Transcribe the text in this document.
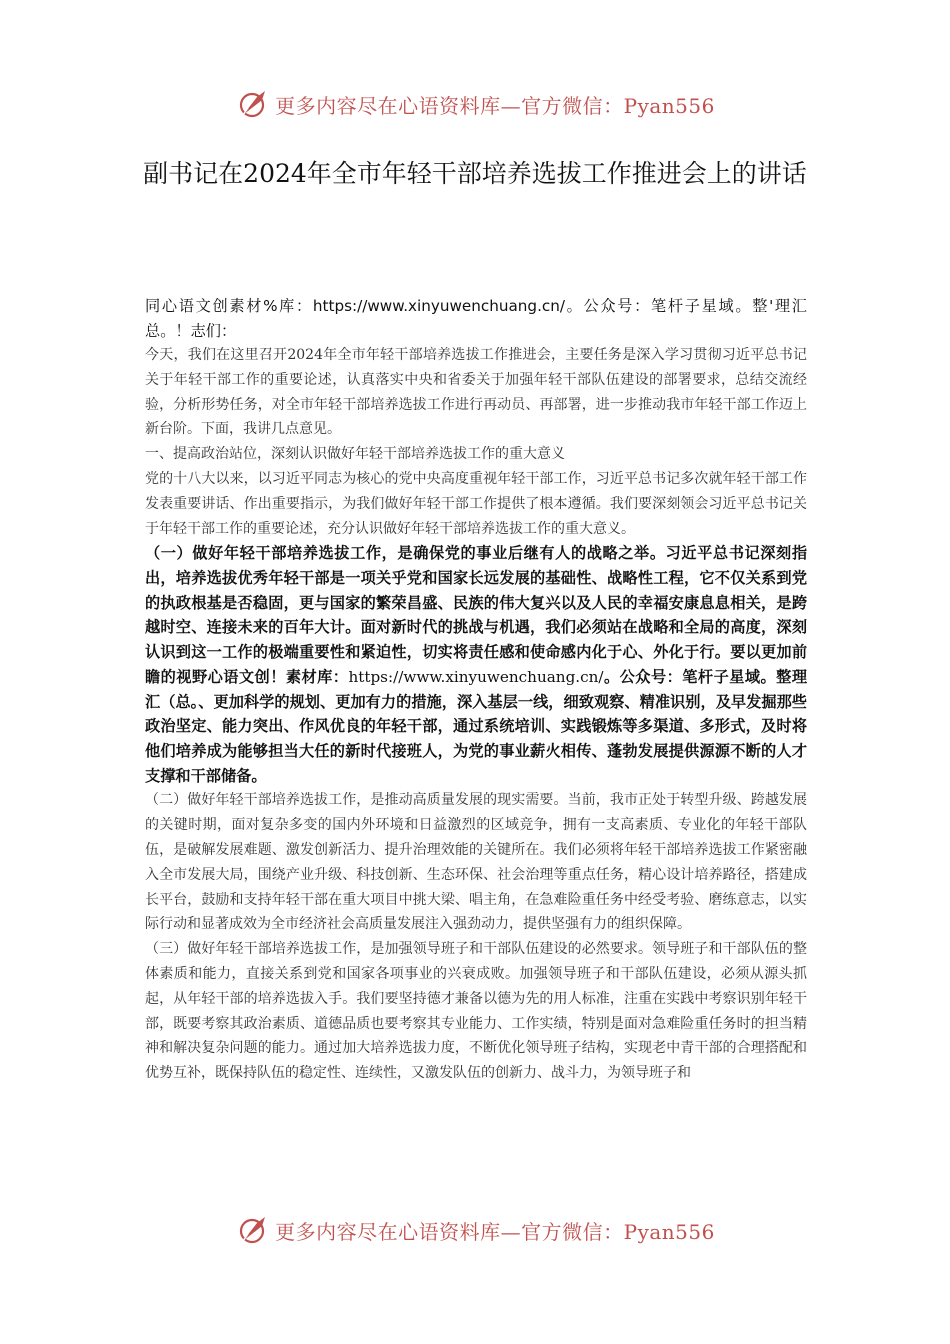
更多内容尽在心语资料库—官方微信：Pyan556
副书记在2024年全市年轻干部培养选拔工作推进会上的讲话

同心语文创素材%库：https://www.xinyuwenchuang.cn/。公众号：笔杆子星域。整'理汇总。！志们：

今天，我们在这里召开2024年全市年轻干部培养选拔工作推进会，主要任务是深入学习贯彻习近平总书记关于年轻干部工作的重要论述，认真落实中央和省委关于加强年轻干部队伍建设的部署要求，总结交流经验，分析形势任务，对全市年轻干部培养选拔工作进行再动员、再部署，进一步推动我市年轻干部工作迈上新台阶。下面，我讲几点意见。

一、提高政治站位，深刻认识做好年轻干部培养选拔工作的重大意义

党的十八大以来，以习近平同志为核心的党中央高度重视年轻干部工作，习近平总书记多次就年轻干部工作发表重要讲话、作出重要指示，为我们做好年轻干部工作提供了根本遵循。我们要深刻领会习近平总书记关于年轻干部工作的重要论述，充分认识做好年轻干部培养选拔工作的重大意义。

（一）做好年轻干部培养选拔工作，是确保党的事业后继有人的战略之举。习近平总书记深刻指出，培养选拔优秀年轻干部是一项关乎党和国家长远发展的基础性、战略性工程，它不仅关系到党的执政根基是否稳固，更与国家的繁荣昌盛、民族的伟大复兴以及人民的幸福安康息息相关，是跨越时空、连接未来的百年大计。面对新时代的挑战与机遇，我们必须站在战略和全局的高度，深刻认识到这一工作的极端重要性和紧迫性，切实将责任感和使命感内化于心、外化于行。要以更加前瞻的视野心语文创！素材库：https://www.xinyuwenchuang.cn/。公众号：笔杆子星域。整理汇（总。、更加科学的规划、更加有力的措施，深入基层一线，细致观察、精准识别，及早发掘那些政治坚定、能力突出、作风优良的年轻干部，通过系统培训、实践锻炼等多渠道、多形式，及时将他们培养成为能够担当大任的新时代接班人，为党的事业薪火相传、蓬勃发展提供源源不断的人才支撑和干部储备。

（二）做好年轻干部培养选拔工作，是推动高质量发展的现实需要。当前，我市正处于转型升级、跨越发展的关键时期，面对复杂多变的国内外环境和日益激烈的区域竞争，拥有一支高素质、专业化的年轻干部队伍，是破解发展难题、激发创新活力、提升治理效能的关键所在。我们必须将年轻干部培养选拔工作紧密融入全市发展大局，围绕产业升级、科技创新、生态环保、社会治理等重点任务，精心设计培养路径，搭建成长平台，鼓励和支持年轻干部在重大项目中挑大梁、唱主角，在急难险重任务中经受考验、磨练意志，以实际行动和显著成效为全市经济社会高质量发展注入强劲动力，提供坚强有力的组织保障。

（三）做好年轻干部培养选拔工作，是加强领导班子和干部队伍建设的必然要求。领导班子和干部队伍的整体素质和能力，直接关系到党和国家各项事业的兴衰成败。加强领导班子和干部队伍建设，必须从源头抓起，从年轻干部的培养选拔入手。我们要坚持德才兼备以德为先的用人标准，注重在实践中考察识别年轻干部，既要考察其政治素质、道德品质也要考察其专业能力、工作实绩，特别是面对急难险重任务时的担当精神和解决复杂问题的能力。通过加大培养选拔力度，不断优化领导班子结构，实现老中青干部的合理搭配和优势互补，既保持队伍的稳定性、连续性，又激发队伍的创新力、战斗力，为领导班子和

更多内容尽在心语资料库—官方微信：Pyan556
